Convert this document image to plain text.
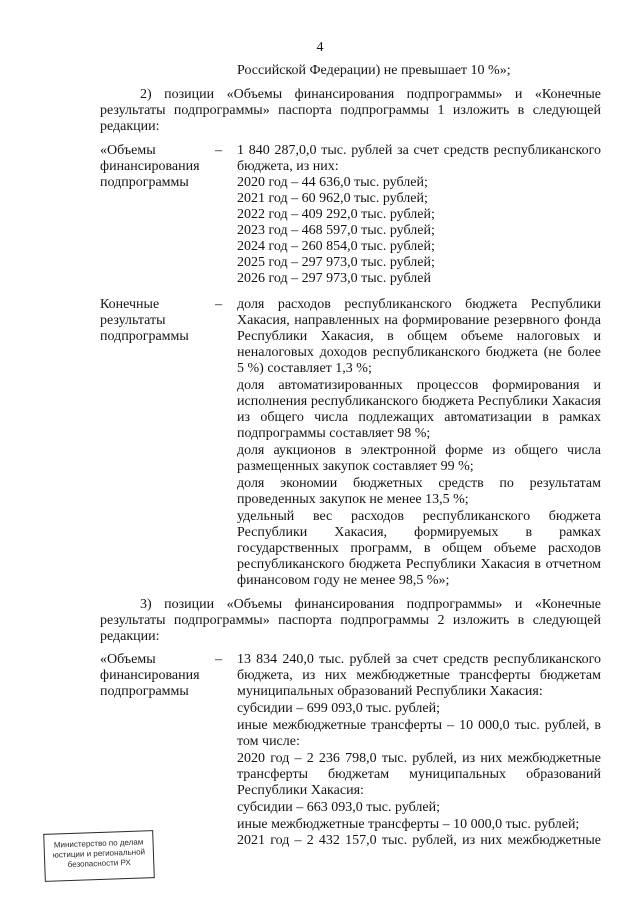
4
Российской Федерации) не превышает 10 %»;
2) позиции «Объемы финансирования подпрограммы» и «Конечные
результаты подпрограммы» паспорта подпрограммы 1 изложить в следующей
редакции:
«Объемы
финансирования
подпрограммы
– 1 840 287,0,0 тыс. рублей за счет средств республиканского
бюджета, из них:
2020 год – 44 636,0 тыс. рублей;
2021 год – 60 962,0 тыс. рублей;
2022 год – 409 292,0 тыс. рублей;
2023 год – 468 597,0 тыс. рублей;
2024 год – 260 854,0 тыс. рублей;
2025 год – 297 973,0 тыс. рублей;
2026 год – 297 973,0 тыс. рублей
Конечные
результаты
подпрограммы
– доля расходов республиканского бюджета Республики
Хакасия, направленных на формирование резервного фонда
Республики Хакасия, в общем объеме налоговых и
неналоговых доходов республиканского бюджета (не более
5 %) составляет 1,3 %;
доля автоматизированных процессов формирования и
исполнения республиканского бюджета Республики Хакасия
из общего числа подлежащих автоматизации в рамках
подпрограммы составляет 98 %;
доля аукционов в электронной форме из общего числа
размещенных закупок составляет 99 %;
доля экономии бюджетных средств по результатам
проведенных закупок не менее 13,5 %;
удельный вес расходов республиканского бюджета
Республики Хакасия, формируемых в рамках
государственных программ, в общем объеме расходов
республиканского бюджета Республики Хакасия в отчетном
финансовом году не менее 98,5 %»;
3) позиции «Объемы финансирования подпрограммы» и «Конечные
результаты подпрограммы» паспорта подпрограммы 2 изложить в следующей
редакции:
«Объемы
финансирования
подпрограммы
– 13 834 240,0 тыс. рублей за счет средств республиканского
бюджета, из них межбюджетные трансферты бюджетам
муниципальных образований Республики Хакасия:
субсидии – 699 093,0 тыс. рублей;
иные межбюджетные трансферты – 10 000,0 тыс. рублей, в
том числе:
2020 год – 2 236 798,0 тыс. рублей, из них межбюджетные
трансферты бюджетам муниципальных образований
Республики Хакасия:
субсидии – 663 093,0 тыс. рублей;
иные межбюджетные трансферты – 10 000,0 тыс. рублей;
2021 год – 2 432 157,0 тыс. рублей, из них межбюджетные
Министерство по делам
юстиции и региональной
безопасности РХ
